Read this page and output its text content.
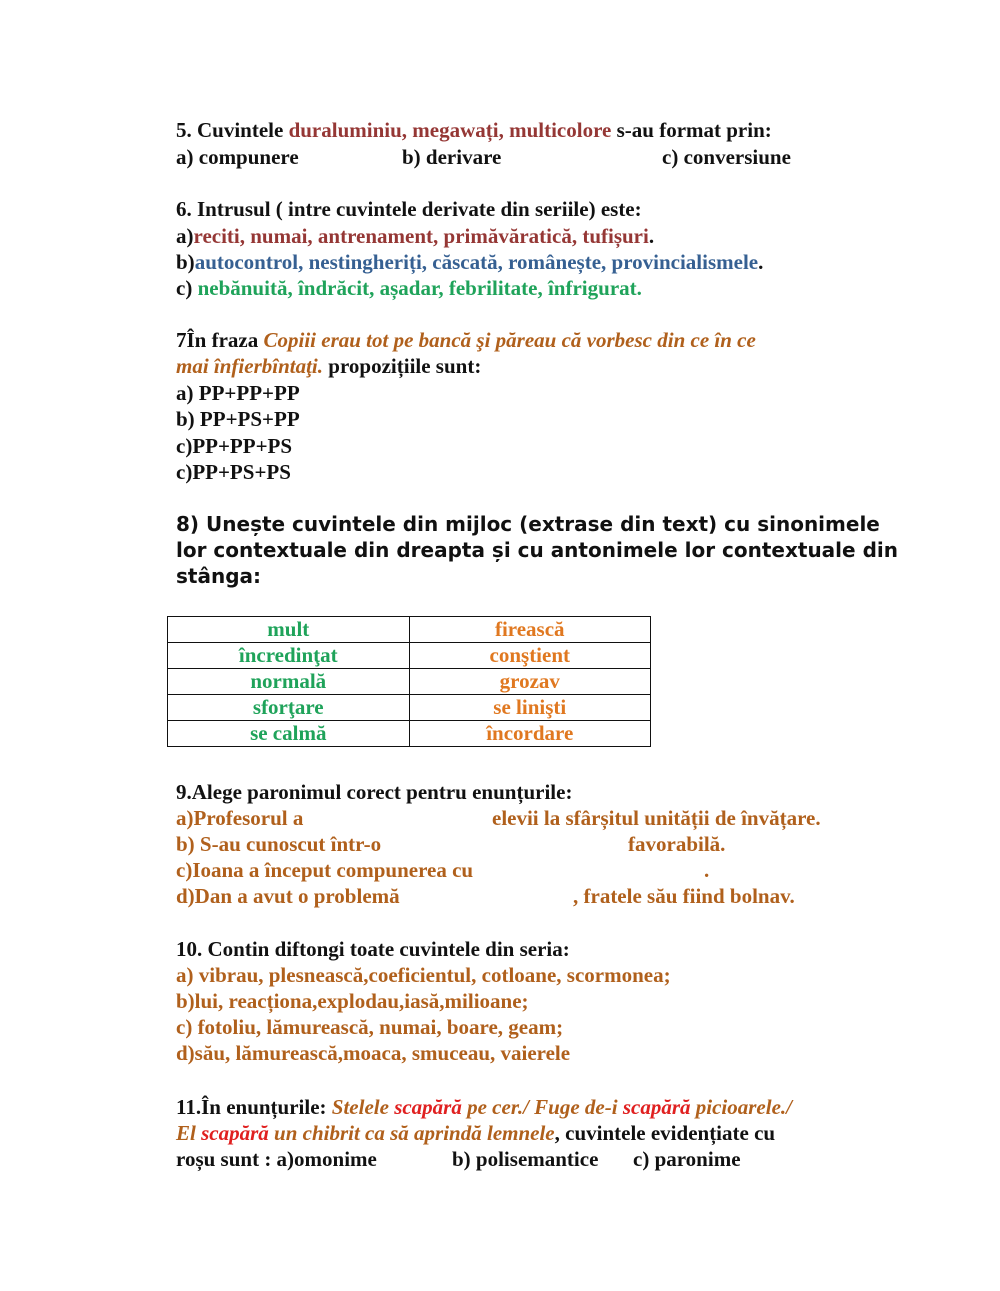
5. Cuvintele duraluminiu, megawați, multicolore s-au format prin:
a) compunere	b) derivare	c) conversiune
6. Intrusul ( intre cuvintele derivate din seriile) este:
a)reciti, numai, antrenament, primăvăratică, tufișuri.
b)autocontrol, nestingheriți, căscată, românește, provincialismele.
c) nebănuită, îndrăcit, așadar, febrilitate, înfrigurat.
7În fraza Copiii erau tot pe bancă şi păreau că vorbesc din ce în ce
mai înfierbîntaţi. propozițiile sunt:
a) PP+PP+PP
b) PP+PS+PP
c)PP+PP+PS
c)PP+PS+PS
8) Unește cuvintele din mijloc (extrase din text) cu sinonimele
lor contextuale din dreapta și cu antonimele lor contextuale din
stânga:
mult	firească
încredinţat	conştient
normală	grozav
sforţare	se linişti
se calmă	încordare
9.Alege paronimul corect pentru enunțurile:
a)Profesorul a	elevii la sfârșitul unității de învățare.
b) S-au cunoscut într-o	favorabilă.
c)Ioana a început compunerea cu	.
d)Dan a avut o problemă	, fratele său fiind bolnav.
10. Contin diftongi toate cuvintele din seria:
a) vibrau, plesnească,coeficientul, cotloane, scormonea;
b)lui, reacționa,explodau,iasă,milioane;
c) fotoliu, lămurească, numai, boare, geam;
d)său, lămurească,moaca, smuceau, vaierele
11.În enunțurile: Stelele scapără pe cer./ Fuge de-i scapără picioarele./
El scapără un chibrit ca să aprindă lemnele, cuvintele evidențiate cu
roșu sunt : a)omonime	b) polisemantice c) paronime
